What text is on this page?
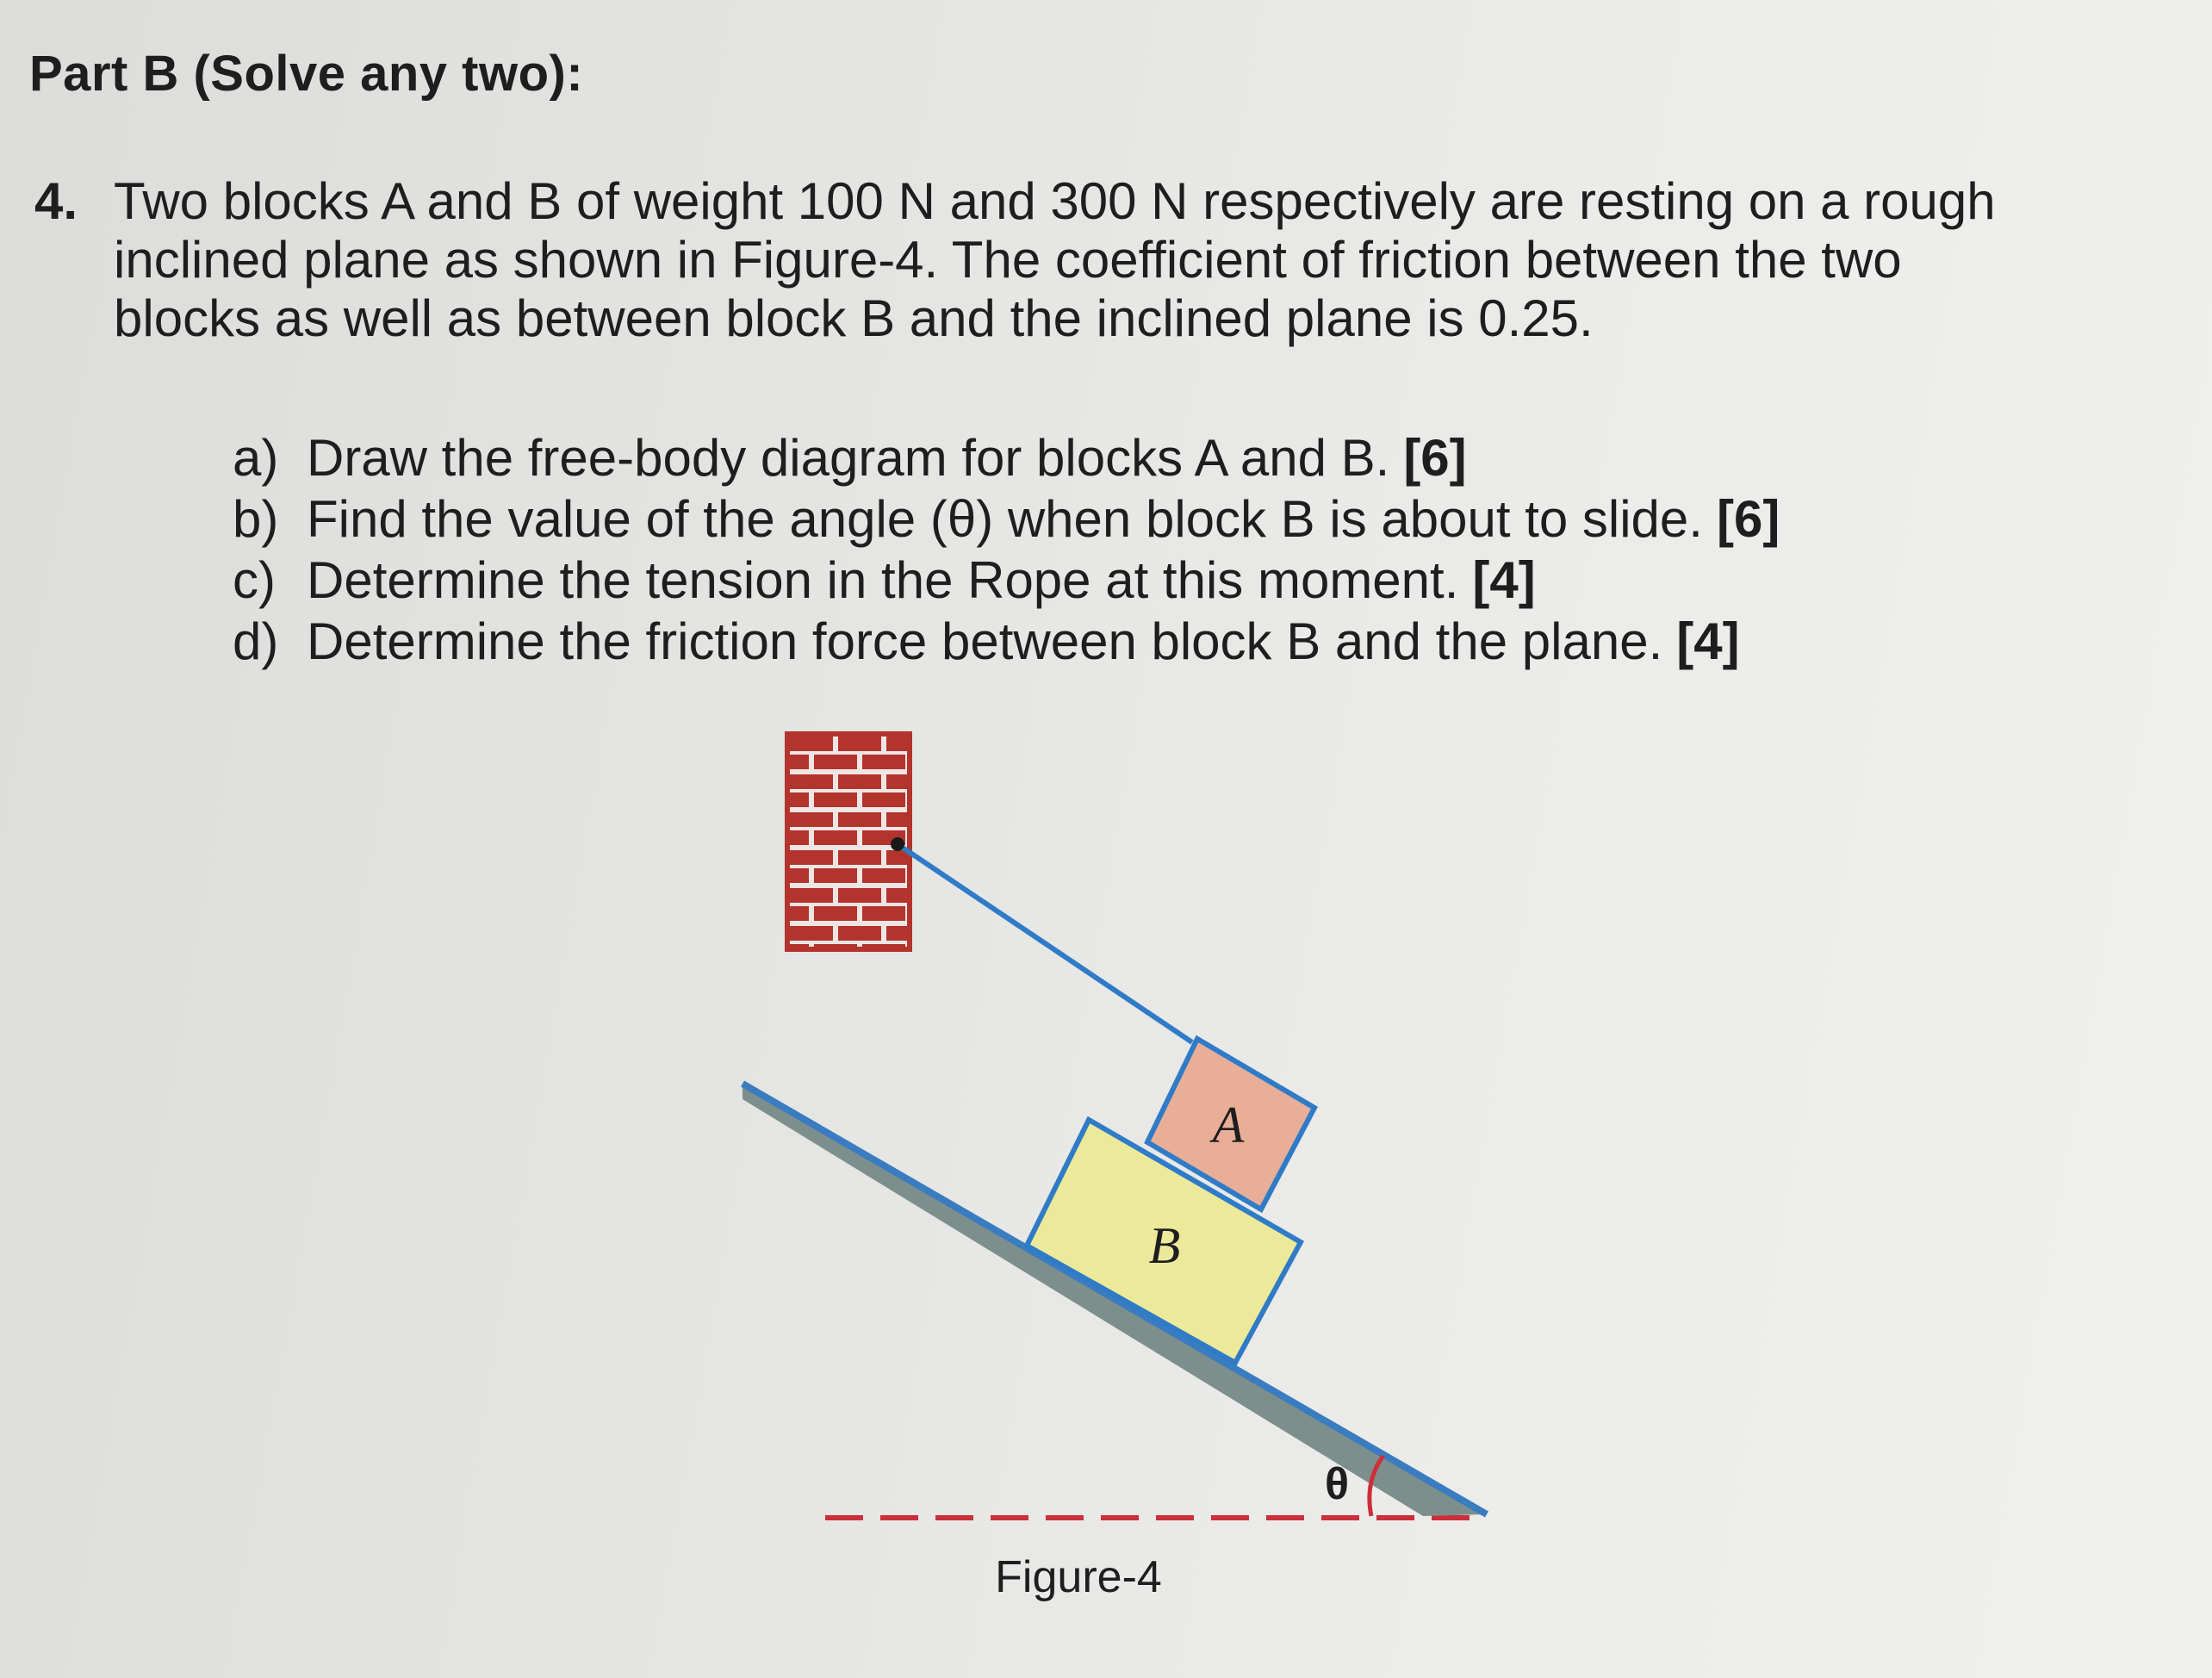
Part B (Solve any two):
4. Two blocks A and B of weight 100 N and 300 N respectively are resting on a rough inclined plane as shown in Figure-4. The coefficient of friction between the two blocks as well as between block B and the inclined plane is 0.25.
a) Draw the free-body diagram for blocks A and B. [6]
b) Find the value of the angle (θ) when block B is about to slide. [6]
c) Determine the tension in the Rope at this moment. [4]
d) Determine the friction force between block B and the plane. [4]
A
B
θ
Figure-4
